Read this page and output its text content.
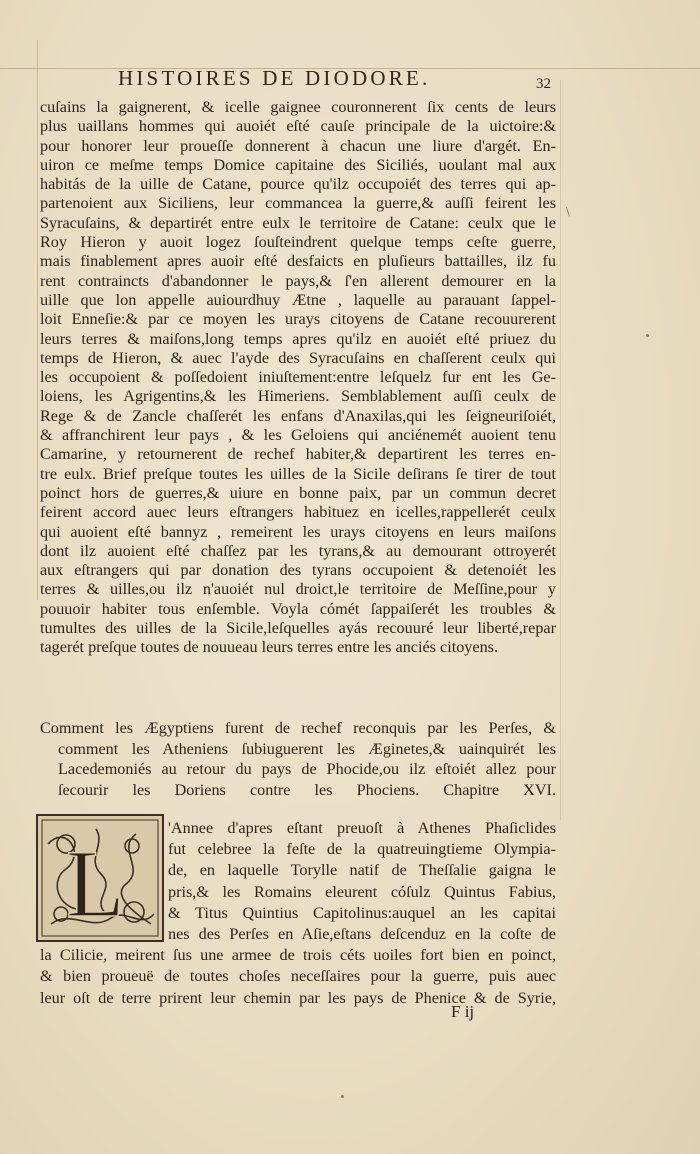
HISTOIRES DE DIODORE.	32
cuſains la gaignerent, & icelle gaignee couronnerent ſix cents de leurs
plus uaillans hommes qui auoiét eſté cauſe principale de la uictoire:&
pour honorer leur proueſſe donnerent à chacun une liure d'argét. En-
uiron ce meſme temps Domice capitaine des Siciliés, uoulant mal aux
habitás de la uille de Catane, pource qu'ilz occupoiét des terres qui ap-
partenoient aux Siciliens, leur commancea la guerre,& auſſi feirent les
Syracuſains, & departirét entre eulx le territoire de Catane: ceulx que le
Roy Hieron y auoit logez ſouſteindrent quelque temps ceſte guerre,
mais finablement apres auoir eſté desfaicts en pluſieurs battailles, ilz fu
rent contraincts d'abandonner le pays,& ſ'en allerent demourer en la
uille que lon appelle auiourdhuy Ætne , laquelle au parauant ſappel-
loit Enneſie:& par ce moyen les urays citoyens de Catane recouurerent
leurs terres & maiſons,long temps apres qu'ilz en auoiét eſté priuez du
temps de Hieron, & auec l'ayde des Syracuſains en chaſſerent ceulx qui
les occupoient & poſſedoient iniuſtement:entre leſquelz fur ent les Ge-
loiens, les Agrigentins,& les Himeriens. Semblablement auſſi ceulx de
Rege & de Zancle chaſſerét les enfans d'Anaxilas,qui les ſeigneuriſoiét,
& affranchirent leur pays , & les Geloiens qui anciénemét auoient tenu
Camarine, y retournerent de rechef habiter,& departirent les terres en-
tre eulx. Brief preſque toutes les uilles de la Sicile deſirans ſe tirer de tout
poinct hors de guerres,& uiure en bonne paix, par un commun decret
feirent accord auec leurs eſtrangers habituez en icelles,rappellerét ceulx
qui auoient eſté bannyz , remeirent les urays citoyens en leurs maiſons
dont ilz auoient eſté chaſſez par les tyrans,& au demourant ottroyerét
aux eſtrangers qui par donation des tyrans occupoient & detenoiét les
terres & uilles,ou ilz n'auoiét nul droict,le territoire de Meſſine,pour y
pouuoir habiter tous enſemble. Voyla cómét ſappaiſerét les troubles &
tumultes des uilles de la Sicile,leſquelles ayás recouuré leur liberté,repar
tagerét preſque toutes de nouueau leurs terres entre les anciés citoyens.
Comment les Ægyptiens furent de rechef reconquis par les Perſes, &
comment les Atheniens ſubiuguerent les Æginetes,& uainquirét les
Lacedemoniés au retour du pays de Phocide,ou ilz eſtoiét allez pour
ſecourir les Doriens contre les Phociens. Chapitre XVI.
L
'Annee d'apres eſtant preuoſt à Athenes Phaſiclides
fut celebree la feſte de la quatreuingtieme Olympia-
de, en laquelle Torylle natif de Theſſalie gaigna le
pris,& les Romains eleurent cóſulz Quintus Fabius,
& Titus Quintius Capitolinus:auquel an les capitai
nes des Perſes en Aſie,eſtans deſcenduz en la coſte de
la Cilicie, meirent ſus une armee de trois céts uoiles fort bien en poinct,
& bien proueuë de toutes choſes neceſſaires pour la guerre, puis auec
leur oſt de terre prirent leur chemin par les pays de Phenice & de Syrie,
F ij
\
